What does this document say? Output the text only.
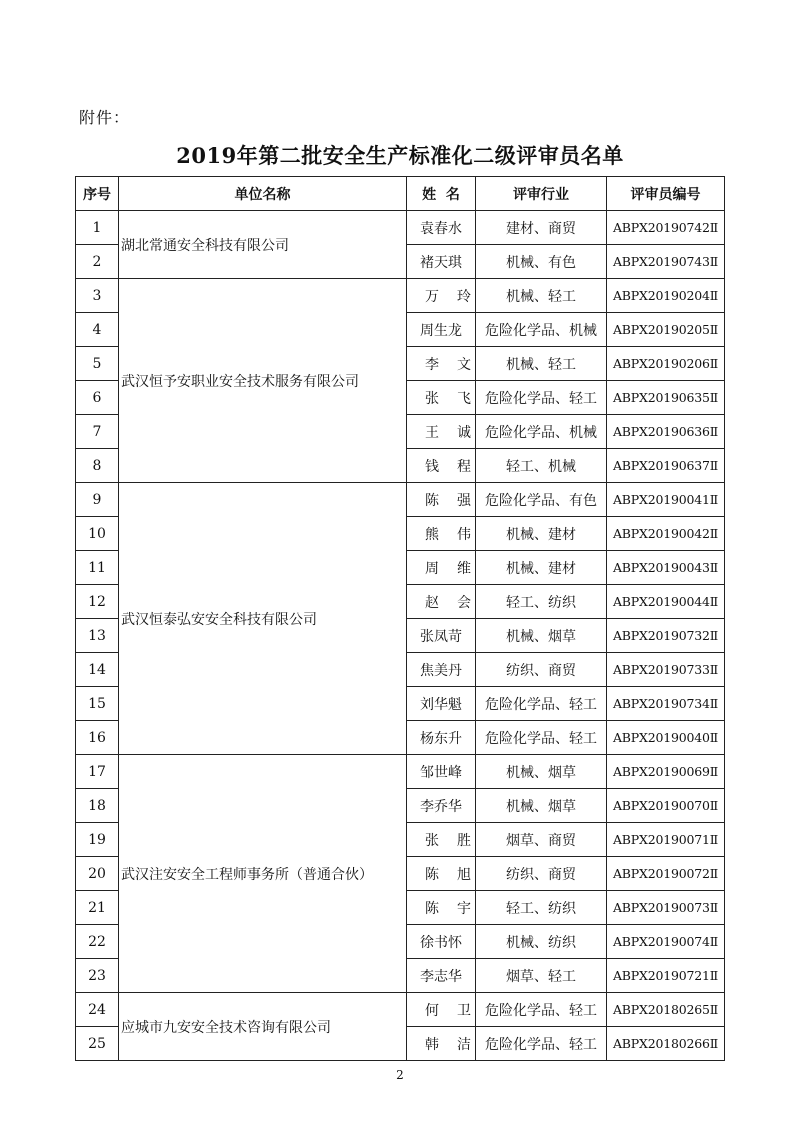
附件：
2019年第二批安全生产标准化二级评审员名单
序号	单位名称	姓  名	评审行业	评审员编号
1	湖北常通安全科技有限公司	袁春水	建材、商贸	ABPX20190742Ⅱ
2		褚天琪	机械、有色	ABPX20190743Ⅱ
3	武汉恒予安职业安全技术服务有限公司	万玲	机械、轻工	ABPX20190204Ⅱ
4		周生龙	危险化学品、机械	ABPX20190205Ⅱ
5		李文	机械、轻工	ABPX20190206Ⅱ
6		张飞	危险化学品、轻工	ABPX20190635Ⅱ
7		王诚	危险化学品、机械	ABPX20190636Ⅱ
8		钱程	轻工、机械	ABPX20190637Ⅱ
9	武汉恒泰弘安安全科技有限公司	陈强	危险化学品、有色	ABPX20190041Ⅱ
10		熊伟	机械、建材	ABPX20190042Ⅱ
11		周维	机械、建材	ABPX20190043Ⅱ
12		赵会	轻工、纺织	ABPX20190044Ⅱ
13		张凤苛	机械、烟草	ABPX20190732Ⅱ
14		焦美丹	纺织、商贸	ABPX20190733Ⅱ
15		刘华魁	危险化学品、轻工	ABPX20190734Ⅱ
16		杨东升	危险化学品、轻工	ABPX20190040Ⅱ
17	武汉注安安全工程师事务所（普通合伙）	邹世峰	机械、烟草	ABPX20190069Ⅱ
18		李乔华	机械、烟草	ABPX20190070Ⅱ
19		张胜	烟草、商贸	ABPX20190071Ⅱ
20		陈旭	纺织、商贸	ABPX20190072Ⅱ
21		陈宇	轻工、纺织	ABPX20190073Ⅱ
22		徐书怀	机械、纺织	ABPX20190074Ⅱ
23		李志华	烟草、轻工	ABPX20190721Ⅱ
24	应城市九安安全技术咨询有限公司	何卫	危险化学品、轻工	ABPX20180265Ⅱ
25		韩洁	危险化学品、轻工	ABPX20180266Ⅱ
2
